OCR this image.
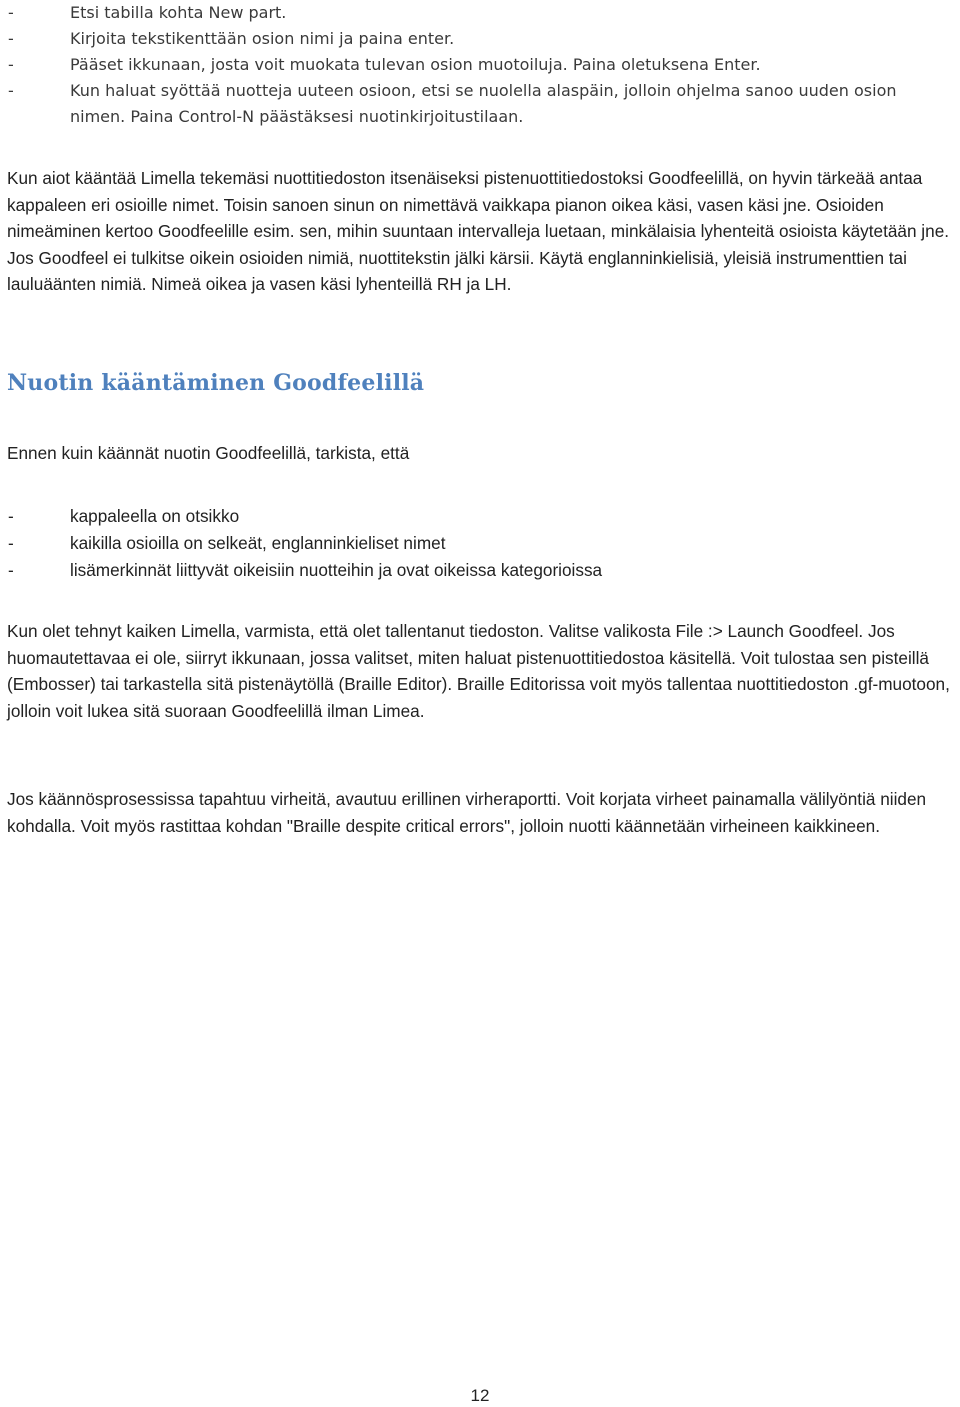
-	Etsi tabilla kohta New part.
-	Kirjoita tekstikenttään osion nimi ja paina enter.
-	Pääset ikkunaan, josta voit muokata tulevan osion muotoiluja. Paina oletuksena Enter.
-	Kun haluat syöttää nuotteja uuteen osioon, etsi se nuolella alaspäin, jolloin ohjelma sanoo uuden osion nimen. Paina Control-N päästäksesi nuotinkirjoitustilaan.

Kun aiot kääntää Limella tekemäsi nuottitiedoston itsenäiseksi pistenuottitiedostoksi Goodfeelillä, on hyvin tärkeää antaa kappaleen eri osioille nimet. Toisin sanoen sinun on nimettävä vaikkapa pianon oikea käsi, vasen käsi jne. Osioiden nimeäminen kertoo Goodfeelille esim. sen, mihin suuntaan intervalleja luetaan, minkälaisia lyhenteitä osioista käytetään jne. Jos Goodfeel ei tulkitse oikein osioiden nimiä, nuottitekstin jälki kärsii. Käytä englanninkielisiä, yleisiä instrumenttien tai lauluäänten nimiä. Nimeä oikea ja vasen käsi lyhenteillä RH ja LH.

Nuotin kääntäminen Goodfeelillä

Ennen kuin käännät nuotin Goodfeelillä, tarkista, että

-	kappaleella on otsikko
-	kaikilla osioilla on selkeät, englanninkieliset nimet
-	lisämerkinnät liittyvät oikeisiin nuotteihin ja ovat oikeissa kategorioissa

Kun olet tehnyt kaiken Limella, varmista, että olet tallentanut tiedoston. Valitse valikosta File :> Launch Goodfeel. Jos huomautettavaa ei ole, siirryt ikkunaan, jossa valitset, miten haluat pistenuottitiedostoa käsitellä. Voit tulostaa sen pisteillä (Embosser) tai tarkastella sitä pistenäytöllä (Braille Editor). Braille Editorissa voit myös tallentaa nuottitiedoston .gf-muotoon, jolloin voit lukea sitä suoraan Goodfeelillä ilman Limea.

Jos käännösprosessissa tapahtuu virheitä, avautuu erillinen virheraportti. Voit korjata virheet painamalla välilyöntiä niiden kohdalla. Voit myös rastittaa kohdan "Braille despite critical errors", jolloin nuotti käännetään virheineen kaikkineen.

12
